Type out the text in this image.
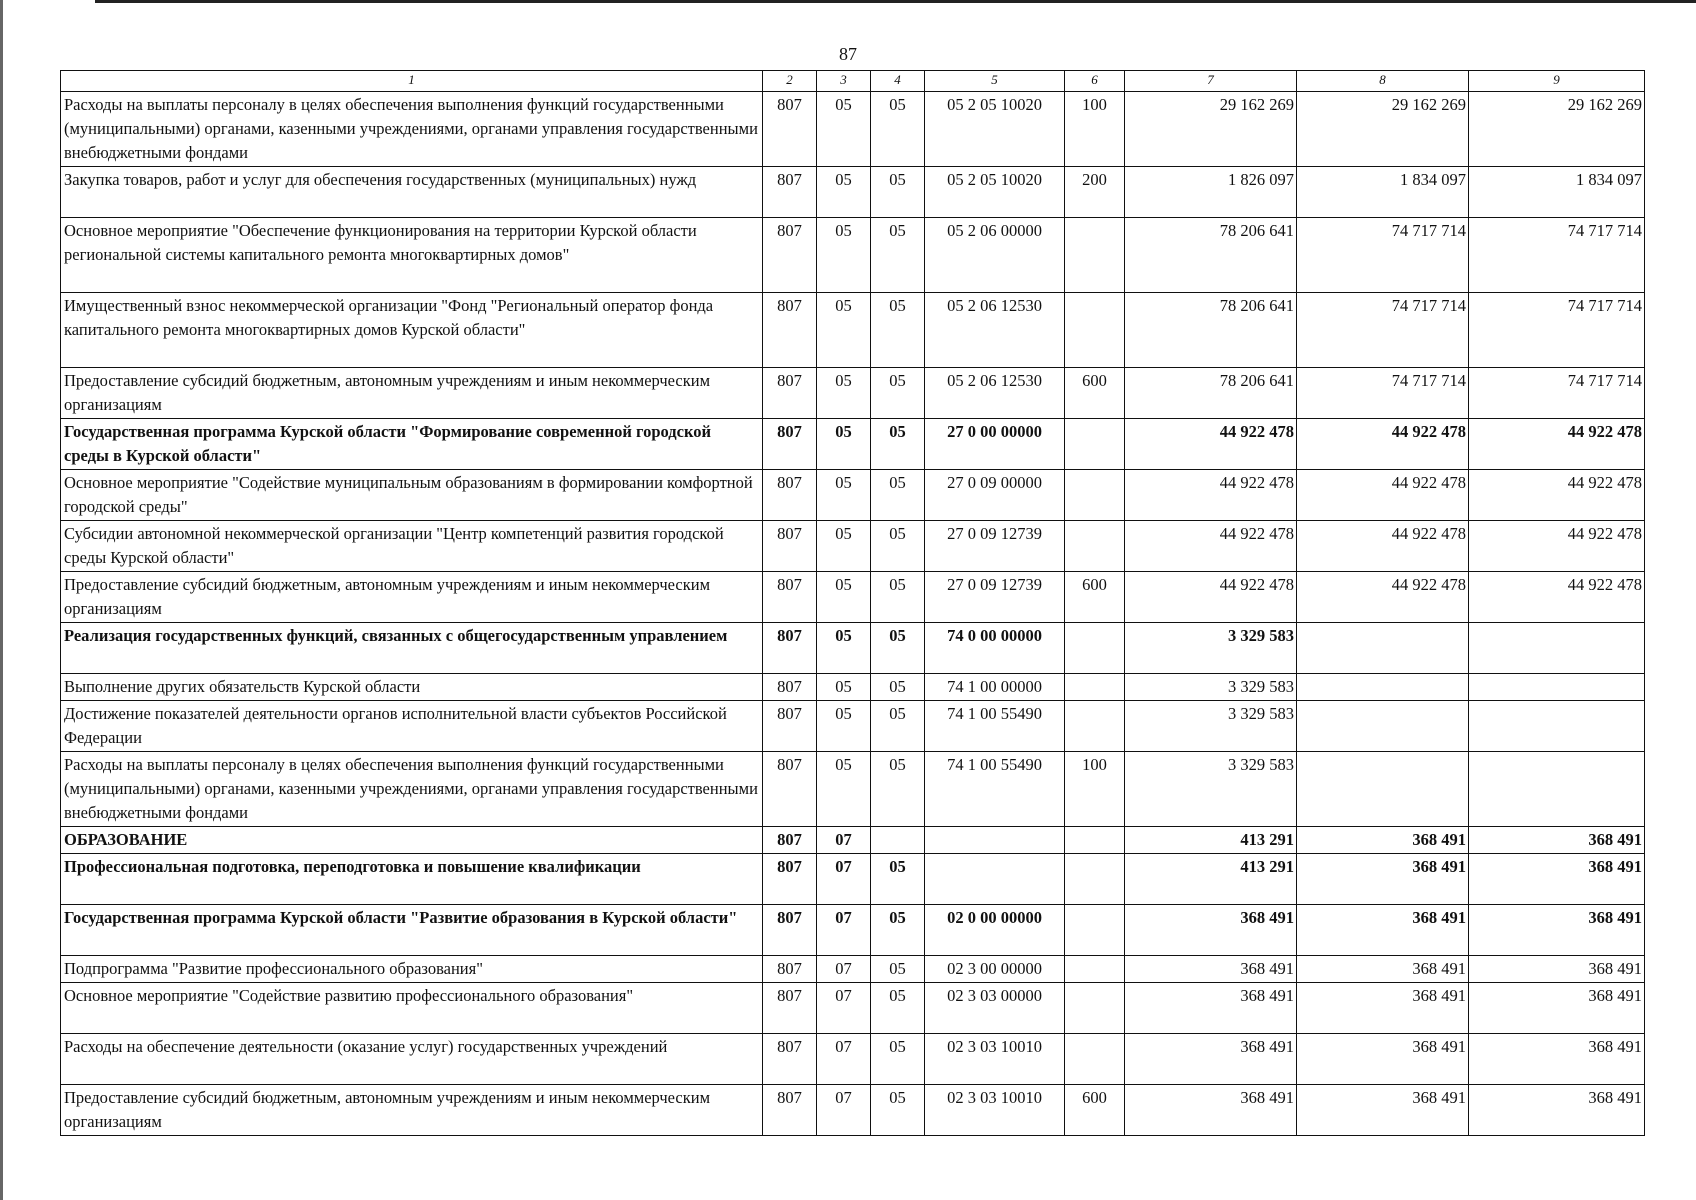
87
1	2	3	4	5	6	7	8	9
Расходы на выплаты персоналу в целях обеспечения выполнения функций государственными (муниципальными) органами, казенными учреждениями, органами управления государственными внебюджетными фондами	807	05	05	05 2 05 10020	100	29 162 269	29 162 269	29 162 269
Закупка товаров, работ и услуг для обеспечения государственных (муниципальных) нужд	807	05	05	05 2 05 10020	200	1 826 097	1 834 097	1 834 097
Основное мероприятие "Обеспечение функционирования на территории Курской области региональной системы капитального ремонта многоквартирных домов"	807	05	05	05 2 06 00000		78 206 641	74 717 714	74 717 714
Имущественный взнос некоммерческой организации "Фонд "Региональный оператор фонда капитального ремонта многоквартирных домов Курской области"	807	05	05	05 2 06 12530		78 206 641	74 717 714	74 717 714
Предоставление субсидий бюджетным, автономным учреждениям и иным некоммерческим организациям	807	05	05	05 2 06 12530	600	78 206 641	74 717 714	74 717 714
Государственная программа Курской области "Формирование современной городской среды в Курской области"	807	05	05	27 0 00 00000		44 922 478	44 922 478	44 922 478
Основное мероприятие "Содействие муниципальным образованиям в формировании комфортной городской среды"	807	05	05	27 0 09 00000		44 922 478	44 922 478	44 922 478
Субсидии автономной некоммерческой организации "Центр компетенций развития городской среды Курской области"	807	05	05	27 0 09 12739		44 922 478	44 922 478	44 922 478
Предоставление субсидий бюджетным, автономным учреждениям и иным некоммерческим организациям	807	05	05	27 0 09 12739	600	44 922 478	44 922 478	44 922 478
Реализация государственных функций, связанных с общегосударственным управлением	807	05	05	74 0 00 00000		3 329 583		
Выполнение других обязательств Курской области	807	05	05	74 1 00 00000		3 329 583		
Достижение показателей деятельности органов исполнительной власти субъектов Российской Федерации	807	05	05	74 1 00 55490		3 329 583		
Расходы на выплаты персоналу в целях обеспечения выполнения функций государственными (муниципальными) органами, казенными учреждениями, органами управления государственными внебюджетными фондами	807	05	05	74 1 00 55490	100	3 329 583		
ОБРАЗОВАНИЕ	807	07				413 291	368 491	368 491
Профессиональная подготовка, переподготовка и повышение квалификации	807	07	05			413 291	368 491	368 491
Государственная программа Курской области "Развитие образования в Курской области"	807	07	05	02 0 00 00000		368 491	368 491	368 491
Подпрограмма "Развитие профессионального образования"	807	07	05	02 3 00 00000		368 491	368 491	368 491
Основное мероприятие "Содействие развитию профессионального образования"	807	07	05	02 3 03 00000		368 491	368 491	368 491
Расходы на обеспечение деятельности (оказание услуг) государственных учреждений	807	07	05	02 3 03 10010		368 491	368 491	368 491
Предоставление субсидий бюджетным, автономным учреждениям и иным некоммерческим организациям	807	07	05	02 3 03 10010	600	368 491	368 491	368 491
